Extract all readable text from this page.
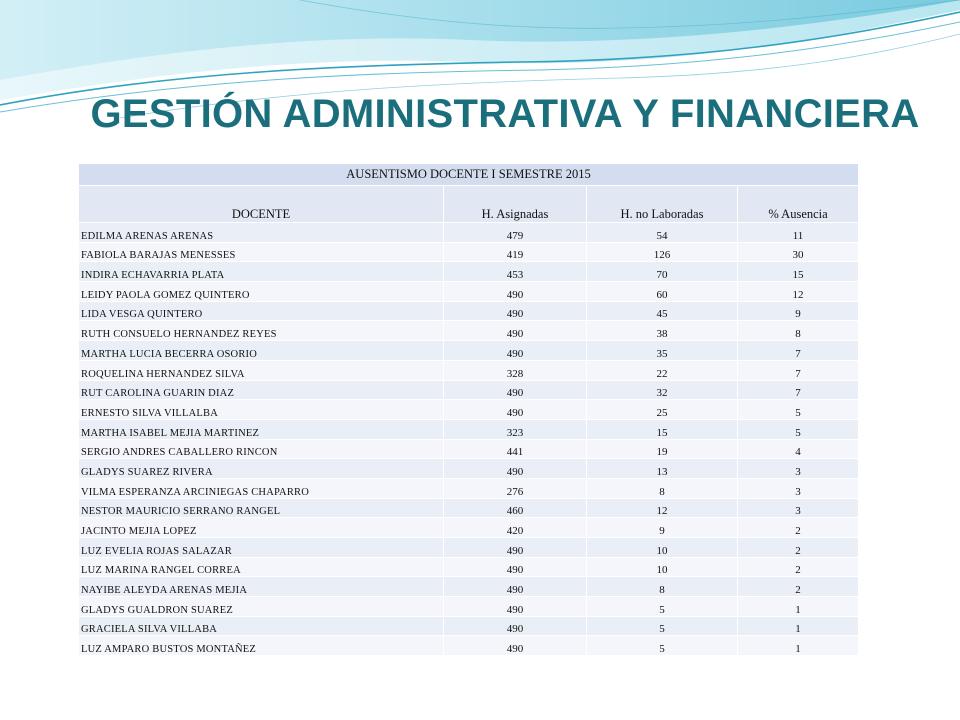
GESTIÓN ADMINISTRATIVA Y FINANCIERA
AUSENTISMO DOCENTE I SEMESTRE 2015			
DOCENTE	H. Asignadas	H. no Laboradas	% Ausencia
EDILMA ARENAS ARENAS	479	54	11
FABIOLA BARAJAS MENESSES	419	126	30
INDIRA ECHAVARRIA PLATA	453	70	15
LEIDY PAOLA GOMEZ QUINTERO	490	60	12
LIDA VESGA QUINTERO	490	45	9
RUTH CONSUELO HERNANDEZ REYES	490	38	8
MARTHA LUCIA BECERRA OSORIO	490	35	7
ROQUELINA HERNANDEZ SILVA	328	22	7
RUT CAROLINA GUARIN DIAZ	490	32	7
ERNESTO SILVA VILLALBA	490	25	5
MARTHA ISABEL MEJIA MARTINEZ	323	15	5
SERGIO ANDRES CABALLERO RINCON	441	19	4
GLADYS SUAREZ RIVERA	490	13	3
VILMA ESPERANZA ARCINIEGAS CHAPARRO	276	8	3
NESTOR MAURICIO SERRANO RANGEL	460	12	3
JACINTO MEJIA LOPEZ	420	9	2
LUZ EVELIA ROJAS SALAZAR	490	10	2
LUZ MARINA RANGEL CORREA	490	10	2
NAYIBE ALEYDA ARENAS MEJIA	490	8	2
GLADYS GUALDRON SUAREZ	490	5	1
GRACIELA SILVA VILLABA	490	5	1
LUZ AMPARO BUSTOS MONTAÑEZ	490	5	1
